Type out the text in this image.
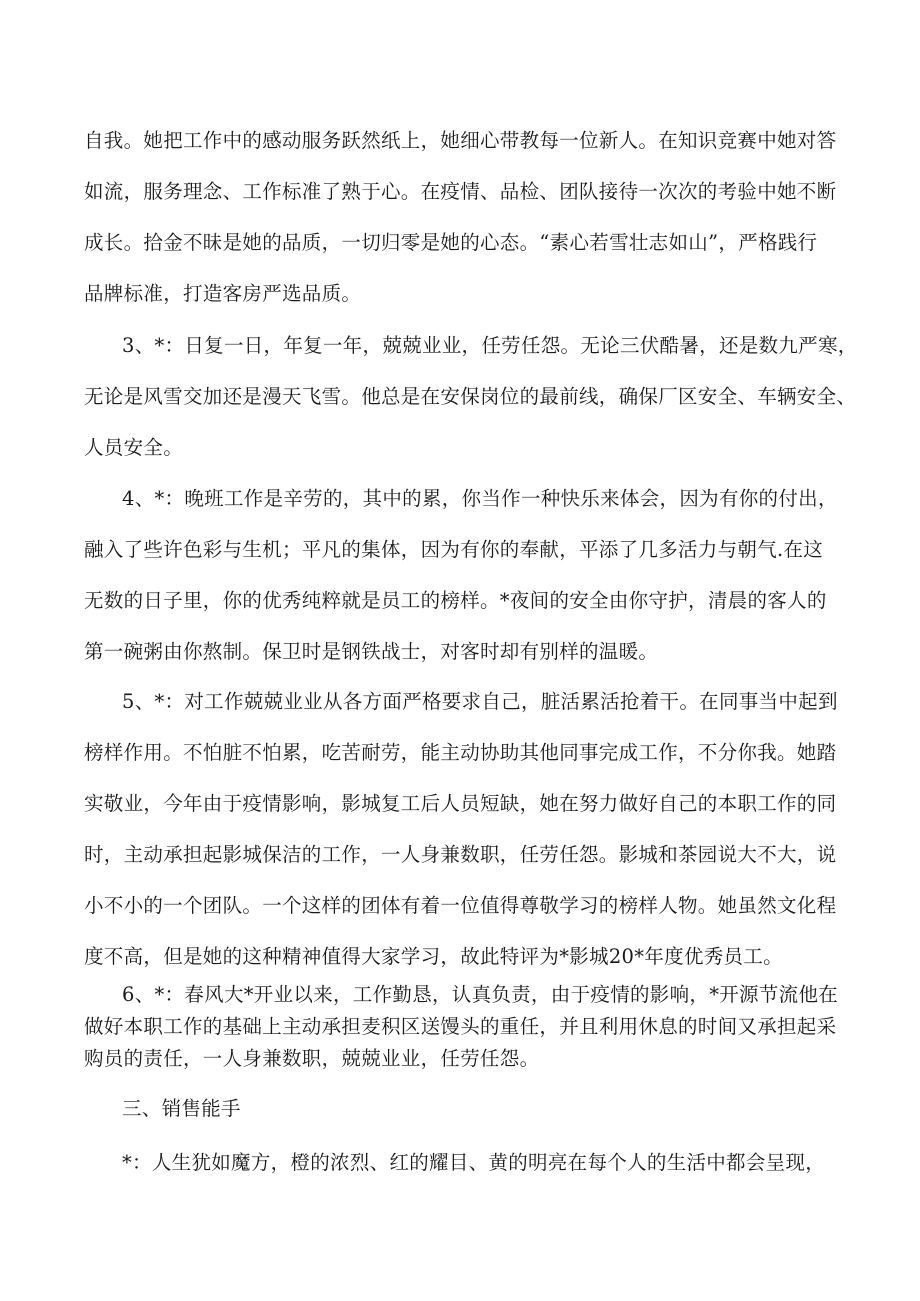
自我。她把工作中的感动服务跃然纸上，她细心带教每一位新人。在知识竞赛中她对答
如流，服务理念、工作标准了熟于心。在疫情、品检、团队接待一次次的考验中她不断
成长。拾金不昧是她的品质，一切归零是她的心态。“素心若雪壮志如山”，严格践行
品牌标准，打造客房严选品质。
3、*：日复一日，年复一年，兢兢业业，任劳任怨。无论三伏酷暑，还是数九严寒，
无论是风雪交加还是漫天飞雪。他总是在安保岗位的最前线，确保厂区安全、车辆安全、
人员安全。
4、*：晚班工作是辛劳的，其中的累，你当作一种快乐来体会，因为有你的付出，
融入了些许色彩与生机；平凡的集体，因为有你的奉献，平添了几多活力与朝气.在这
无数的日子里，你的优秀纯粹就是员工的榜样。*夜间的安全由你守护，清晨的客人的
第一碗粥由你熬制。保卫时是钢铁战士，对客时却有别样的温暖。
5、*：对工作兢兢业业从各方面严格要求自己，脏活累活抢着干。在同事当中起到
榜样作用。不怕脏不怕累，吃苦耐劳，能主动协助其他同事完成工作，不分你我。她踏
实敬业，今年由于疫情影响，影城复工后人员短缺，她在努力做好自己的本职工作的同
时，主动承担起影城保洁的工作，一人身兼数职，任劳任怨。影城和茶园说大不大，说
小不小的一个团队。一个这样的团体有着一位值得尊敬学习的榜样人物。她虽然文化程
度不高，但是她的这种精神值得大家学习，故此特评为*影城20*年度优秀员工。
6、*：春风大*开业以来，工作勤恳，认真负责，由于疫情的影响，*开源节流他在
做好本职工作的基础上主动承担麦积区送馒头的重任，并且利用休息的时间又承担起采
购员的责任，一人身兼数职，兢兢业业，任劳任怨。
三、销售能手
*：人生犹如魔方，橙的浓烈、红的耀目、黄的明亮在每个人的生活中都会呈现，
